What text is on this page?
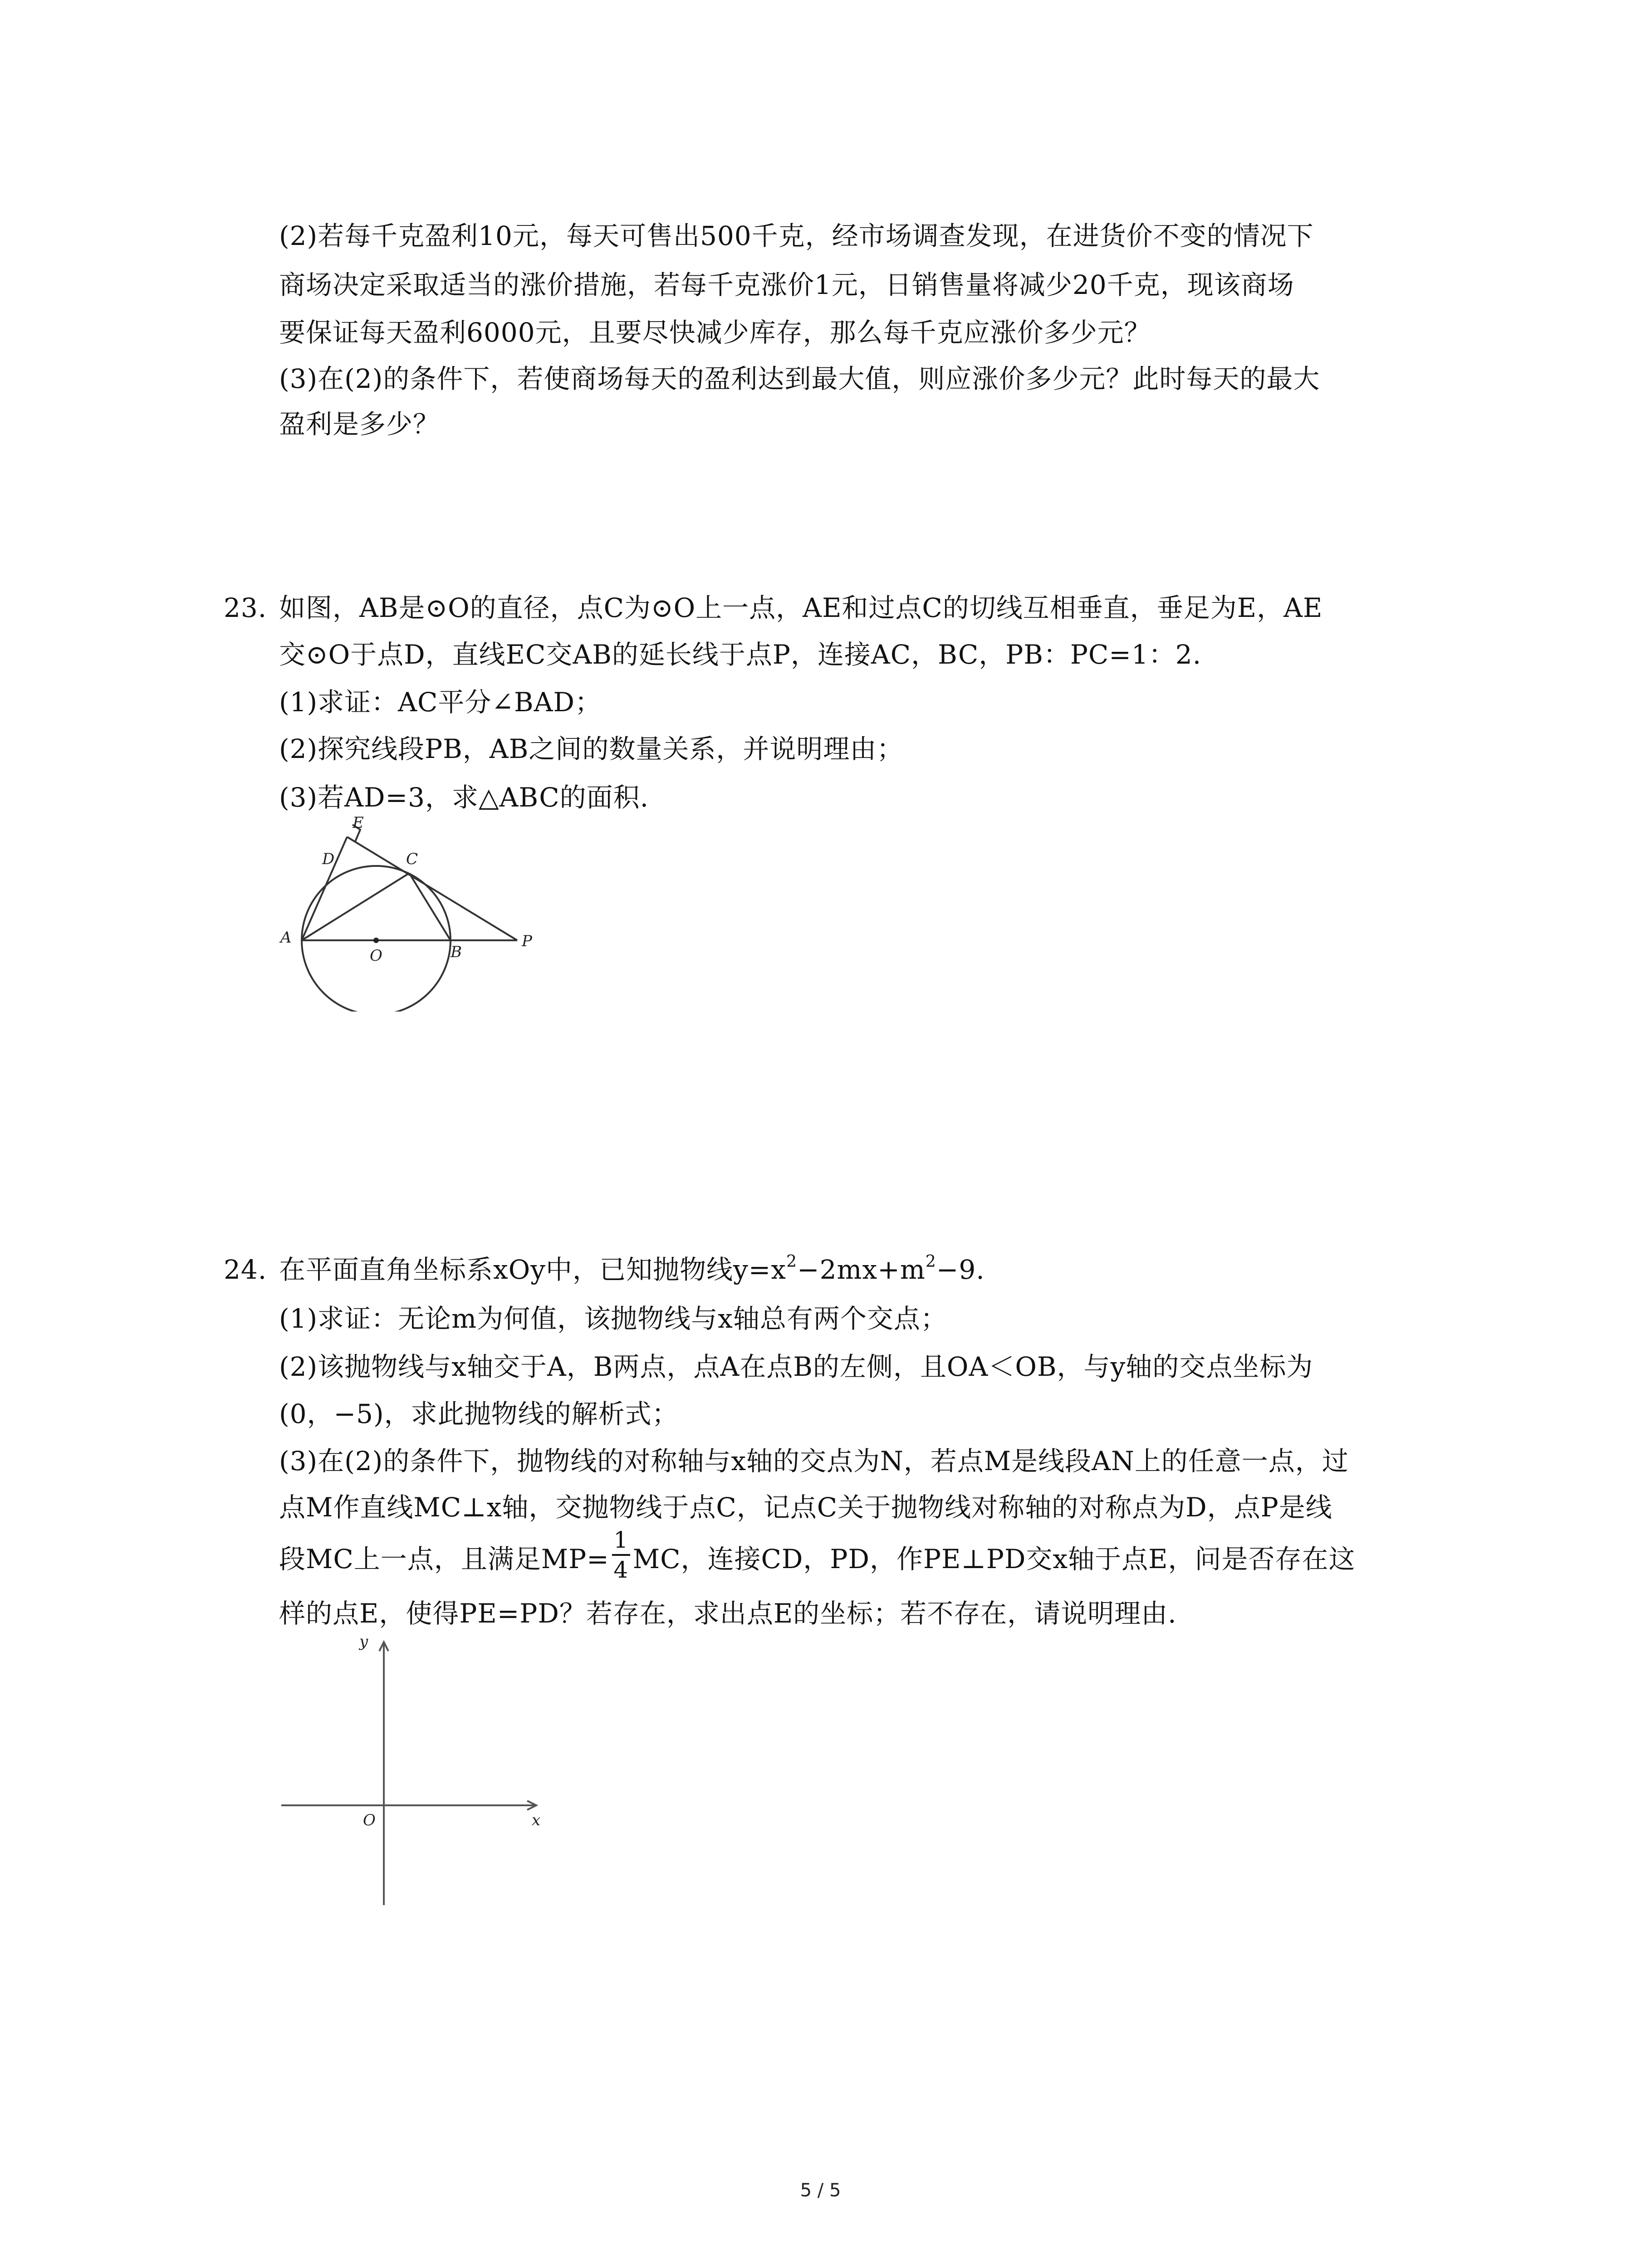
(2)若每千克盈利10元，每天可售出500千克，经市场调查发现，在进货价不变的情况下
商场决定采取适当的涨价措施，若每千克涨价1元，日销售量将减少20千克，现该商场
要保证每天盈利6000元，且要尽快减少库存，那么每千克应涨价多少元？
(3)在(2)的条件下，若使商场每天的盈利达到最大值，则应涨价多少元？此时每天的最大
盈利是多少？
23. 如图，AB是⊙O的直径，点C为⊙O上一点，AE和过点C的切线互相垂直，垂足为E，AE
交⊙O于点D，直线EC交AB的延长线于点P，连接AC，BC，PB：PC=1：2.
(1)求证：AC平分∠BAD；
(2)探究线段PB，AB之间的数量关系，并说明理由；
(3)若AD=3，求△ABC的面积.
E
D	C
A
O	B
P
24. 在平面直角坐标系xOy中，已知抛物线$y=x^2-2mx+m^2-9$.
(1)求证：无论m为何值，该抛物线与x轴总有两个交点；
(2)该抛物线与x轴交于A，B两点，点A在点B的左侧，且OA＜OB，与y轴的交点坐标为
(0，−5)，求此抛物线的解析式；
(3)在(2)的条件下，抛物线的对称轴与x轴的交点为N，若点M是线段AN上的任意一点，过
点M作直线MC⊥x轴，交抛物线于点C，记点C关于抛物线对称轴的对称点为D，点P是线
段MC上一点，且满足$MP= \frac{1}{4}$ MC，连接CD，PD，作PE⊥PD交x轴于点E，问是否存在这
样的点E，使得PE=PD？若存在，求出点E的坐标；若不存在，请说明理由.
y
x
O
5 / 5
